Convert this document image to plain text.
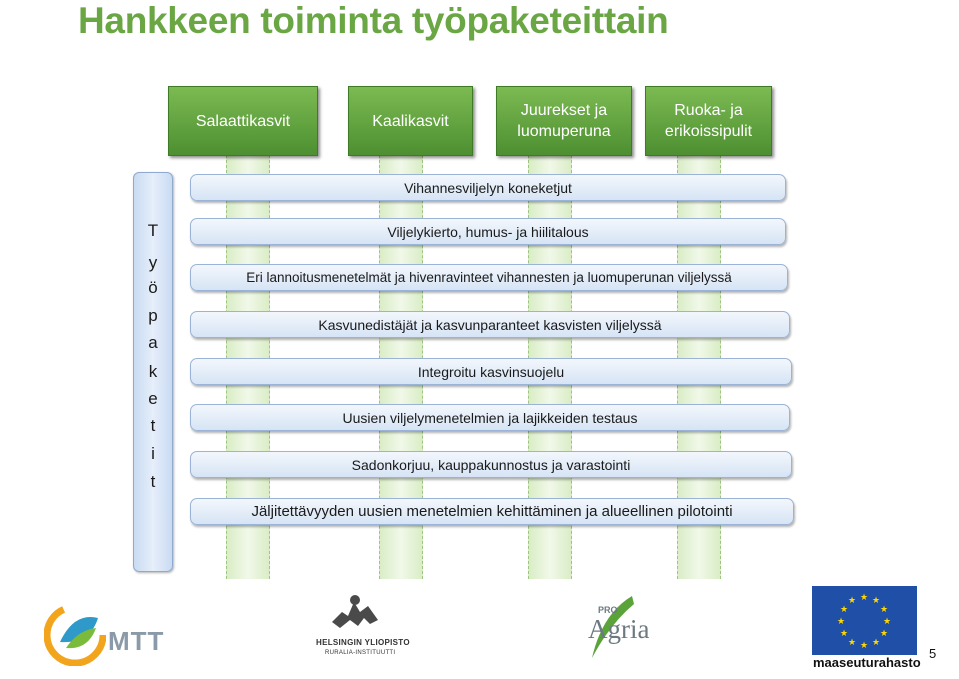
Hankkeen toiminta työpaketeittain
Salaattikasvit	Kaalikasvit
Juurekset ja luomuperuna
Ruoka- ja erikoissipulit
T
y
ö
p
a
k
e
t
i
t
Vihannesviljelyn koneketjut
Viljelykierto, humus- ja hiilitalous
Eri lannoitusmenetelmät ja hivenravinteet vihannesten ja luomuperunan viljelyssä
Kasvunedistäjät ja kasvunparanteet kasvisten viljelyssä
Integroitu kasvinsuojelu
Uusien viljelymenetelmien ja lajikkeiden testaus
Sadonkorjuu, kauppakunnostus ja varastointi
Jäljitettävyyden uusien menetelmien kehittäminen ja alueellinen pilotointi
MTT	HELSINGIN YLIOPISTO
RURALIA-INSTITUUTTI
PRO
Agria
★ ★
★
★
★
★
★
★
★
★
★
★
maaseuturahasto
5
